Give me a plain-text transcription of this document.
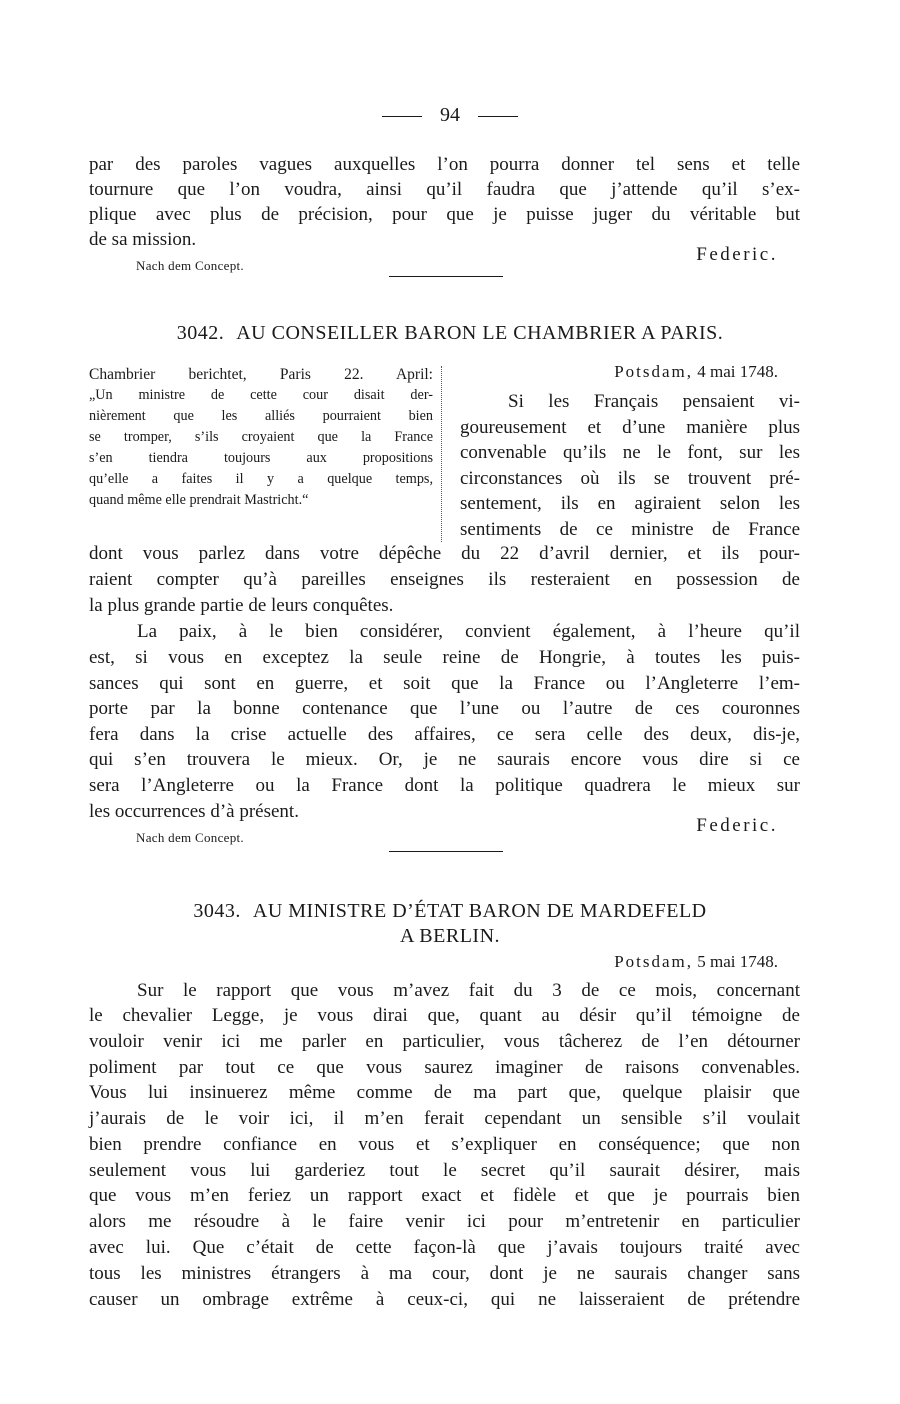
94
par des paroles vagues auxquelles l’on pourra donner tel sens et telle
tournure que l’on voudra, ainsi qu’il faudra que j’attende qu’il s’ex-
plique avec plus de précision, pour que je puisse juger du véritable but
de sa mission.
Federic.
Nach dem Concept.
3042. AU CONSEILLER BARON LE CHAMBRIER A PARIS.
Chambrier berichtet, Paris 22. April:
„Un ministre de cette cour disait der-
nièrement que les alliés pourraient bien
se tromper, s’ils croyaient que la France
s’en tiendra toujours aux propositions
qu’elle a faites il y a quelque temps,
quand même elle prendrait Mastricht.“
Potsdam, 4 mai 1748.
Si les Français pensaient vi-
goureusement et d’une manière plus
convenable qu’ils ne le font, sur les
circonstances où ils se trouvent pré-
sentement, ils en agiraient selon les
sentiments de ce ministre de France
dont vous parlez dans votre dépêche du 22 d’avril dernier, et ils pour-
raient compter qu’à pareilles enseignes ils resteraient en possession de
la plus grande partie de leurs conquêtes.
La paix, à le bien considérer, convient également, à l’heure qu’il
est, si vous en exceptez la seule reine de Hongrie, à toutes les puis-
sances qui sont en guerre, et soit que la France ou l’Angleterre l’em-
porte par la bonne contenance que l’une ou l’autre de ces couronnes
fera dans la crise actuelle des affaires, ce sera celle des deux, dis-je,
qui s’en trouvera le mieux. Or, je ne saurais encore vous dire si ce
sera l’Angleterre ou la France dont la politique quadrera le mieux sur
les occurrences d’à présent.
Federic.
Nach dem Concept.
3043. AU MINISTRE D’ÉTAT BARON DE MARDEFELD
A BERLIN.
Potsdam, 5 mai 1748.
Sur le rapport que vous m’avez fait du 3 de ce mois, concernant
le chevalier Legge, je vous dirai que, quant au désir qu’il témoigne de
vouloir venir ici me parler en particulier, vous tâcherez de l’en détourner
poliment par tout ce que vous saurez imaginer de raisons convenables.
Vous lui insinuerez même comme de ma part que, quelque plaisir que
j’aurais de le voir ici, il m’en ferait cependant un sensible s’il voulait
bien prendre confiance en vous et s’expliquer en conséquence; que non
seulement vous lui garderiez tout le secret qu’il saurait désirer, mais
que vous m’en feriez un rapport exact et fidèle et que je pourrais bien
alors me résoudre à le faire venir ici pour m’entretenir en particulier
avec lui. Que c’était de cette façon-là que j’avais toujours traité avec
tous les ministres étrangers à ma cour, dont je ne saurais changer sans
causer un ombrage extrême à ceux-ci, qui ne laisseraient de prétendre
